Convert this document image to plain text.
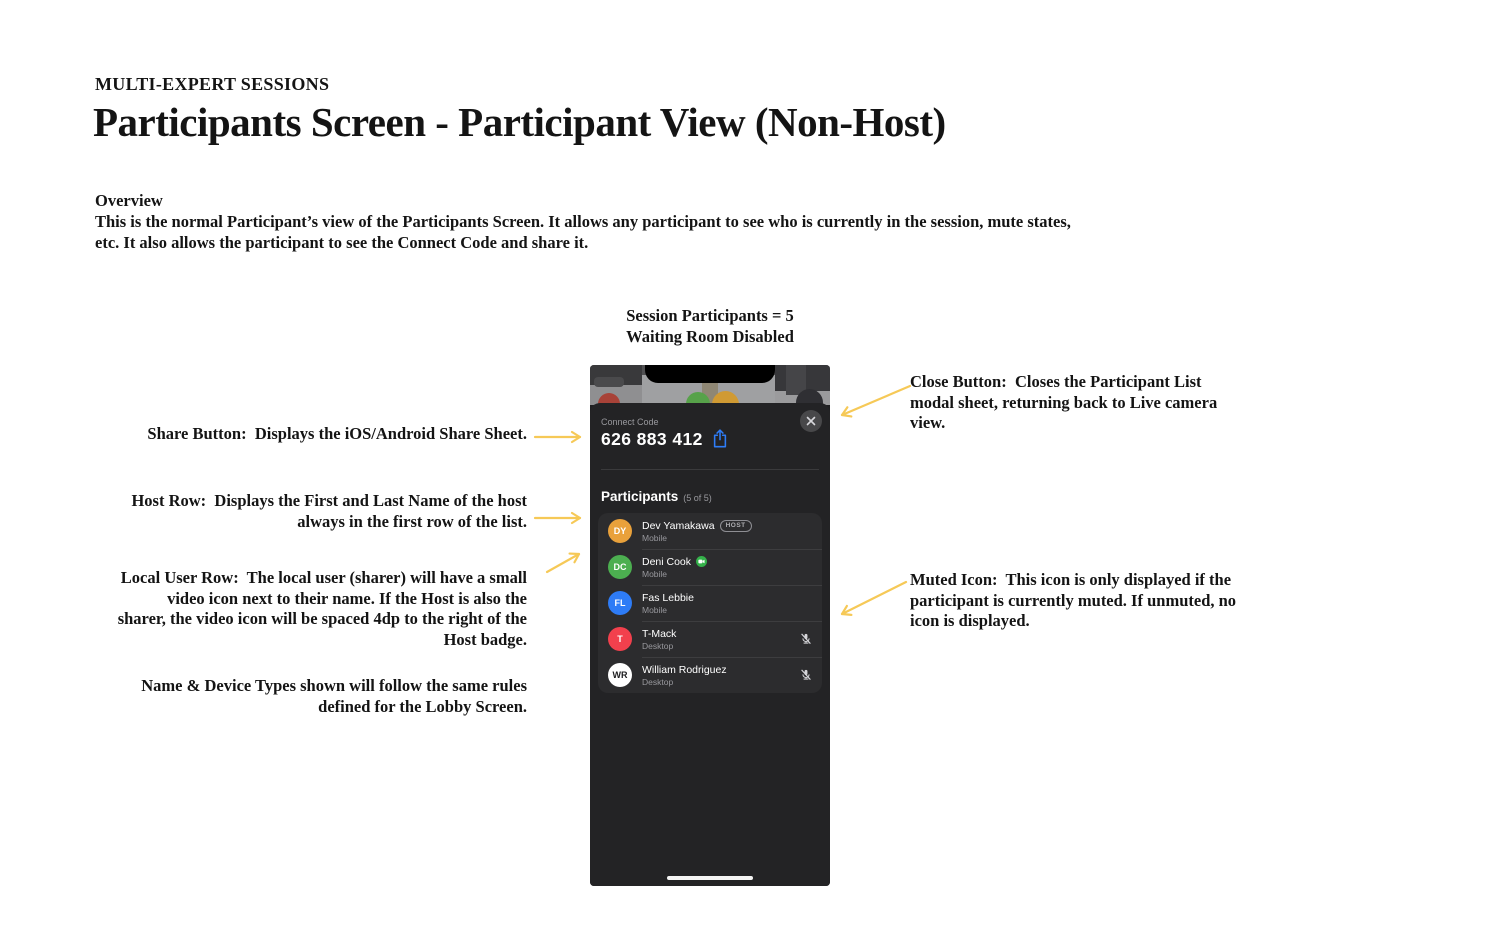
MULTI-EXPERT SESSIONS
Participants Screen - Participant View (Non-Host)
Overview
This is the normal Participant’s view of the Participants Screen. It allows any participant to see who is currently in the session, mute states, etc. It also allows the participant to see the Connect Code and share it.
Session Participants = 5
Waiting Room Disabled
Share Button:  Displays the iOS/Android Share Sheet.
Host Row:  Displays the First and Last Name of the host always in the first row of the list.
Local User Row:  The local user (sharer) will have a small video icon next to their name. If the Host is also the sharer, the video icon will be spaced 4dp to the right of the Host badge.
Name & Device Types shown will follow the same rules defined for the Lobby Screen.
Close Button:  Closes the Participant List modal sheet, returning back to Live camera view.
Muted Icon:  This icon is only displayed if the participant is currently muted. If unmuted, no icon is displayed.
Connect Code
626 883 412
Participants (5 of 5)
DY	Dev Yamakawa	HOST
Mobile
DC	Deni Cook
Mobile
FL	Fas Lebbie
Mobile
T	T-Mack
Desktop
WR	William Rodriguez
Desktop
